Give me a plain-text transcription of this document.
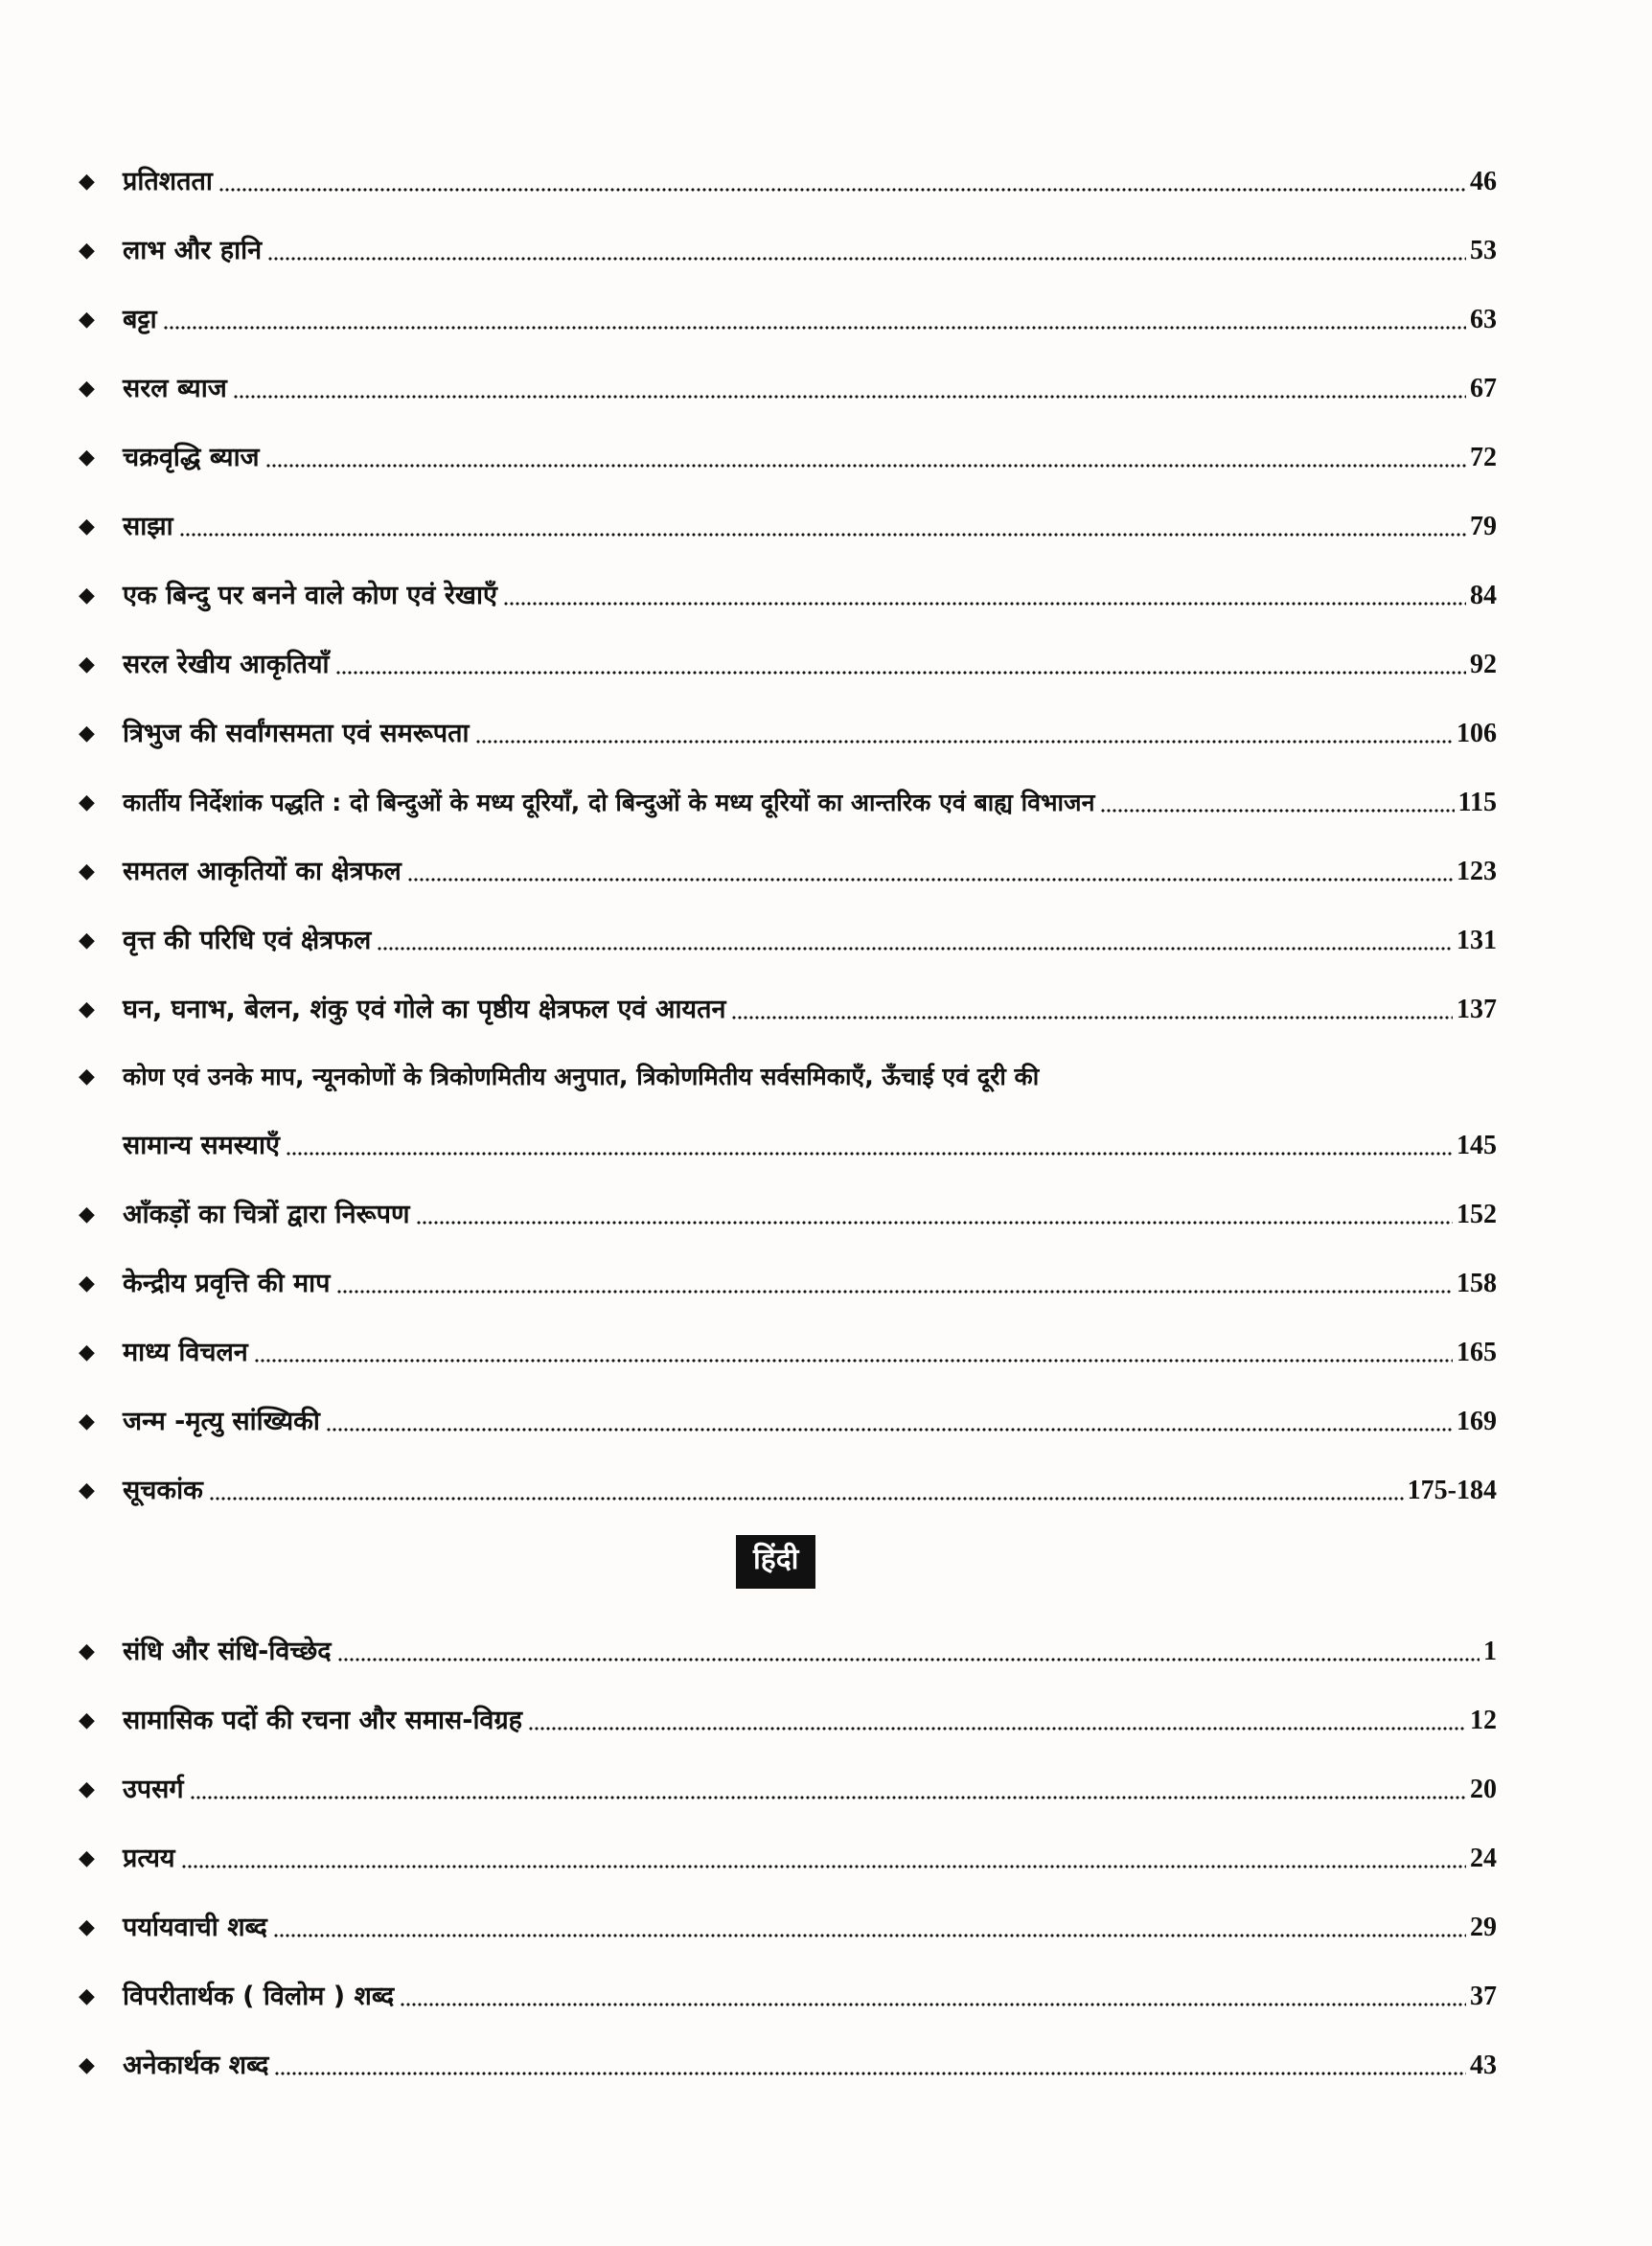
◆	प्रतिशतता	46
◆	लाभ और हानि	53
◆	बट्टा	63
◆	सरल ब्याज	67
◆	चक्रवृद्धि ब्याज	72
◆	साझा	79
◆	एक बिन्दु पर बनने वाले कोण एवं रेखाएँ	84
◆	सरल रेखीय आकृतियाँ	92
◆	त्रिभुज की सर्वांगसमता एवं समरूपता	106
◆	कार्तीय निर्देशांक पद्धति : दो बिन्दुओं के मध्य दूरियाँ, दो बिन्दुओं के मध्य दूरियों का आन्तरिक एवं बाह्य विभाजन	115
◆	समतल आकृतियों का क्षेत्रफल	123
◆	वृत्त की परिधि एवं क्षेत्रफल	131
◆	घन, घनाभ, बेलन, शंकु एवं गोले का पृष्ठीय क्षेत्रफल एवं आयतन	137
◆	कोण एवं उनके माप, न्यूनकोणों के त्रिकोणमितीय अनुपात, त्रिकोणमितीय सर्वसमिकाएँ, ऊँचाई एवं दूरी की
सामान्य समस्याएँ	145
◆	आँकड़ों का चित्रों द्वारा निरूपण	152
◆	केन्द्रीय प्रवृत्ति की माप	158
◆	माध्य विचलन	165
◆	जन्म -मृत्यु सांख्यिकी	169
◆	सूचकांक	175-184
हिंदी
◆	संधि और संधि-विच्छेद	1
◆	सामासिक पदों की रचना और समास-विग्रह	12
◆	उपसर्ग	20
◆	प्रत्यय	24
◆	पर्यायवाची शब्द	29
◆	विपरीतार्थक ( विलोम ) शब्द	37
◆	अनेकार्थक शब्द	43
